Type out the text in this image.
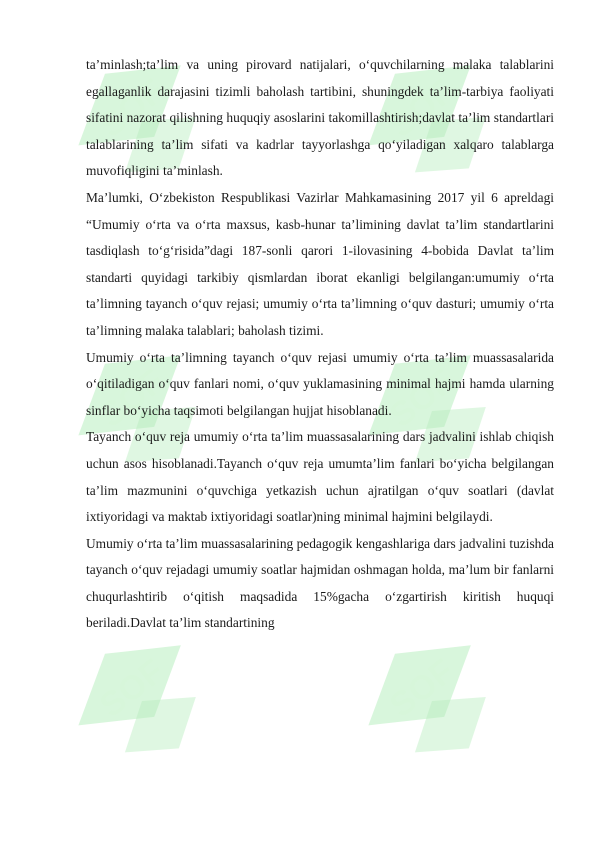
SOF	SOF
SOF	SOF
SOF	SOF

ta’minlash;ta’lim va uning pirovard natijalari, o‘quvchilarning malaka talablarini egallaganlik darajasini tizimli baholash tartibini, shuningdek ta’lim-tarbiya faoliyati sifatini nazorat qilishning huquqiy asoslarini takomillashtirish;davlat ta’lim standartlari talablarining ta’lim sifati va kadrlar tayyorlashga qo‘yiladigan xalqaro talablarga muvofiqligini ta’minlash.

Ma’lumki, O‘zbekiston Respublikasi Vazirlar Mahkamasining 2017 yil 6 apreldagi “Umumiy o‘rta va o‘rta maxsus, kasb-hunar ta’limining davlat ta’lim standartlarini tasdiqlash to‘g‘risida”dagi 187-sonli qarori 1-ilovasining 4-bobida Davlat ta’lim standarti quyidagi tarkibiy qismlardan iborat ekanligi belgilangan:umumiy o‘rta ta’limning tayanch o‘quv rejasi; umumiy o‘rta ta’limning o‘quv dasturi; umumiy o‘rta ta’limning malaka talablari; baholash tizimi.

Umumiy o‘rta ta’limning tayanch o‘quv rejasi umumiy o‘rta ta’lim muassasalarida o‘qitiladigan o‘quv fanlari nomi, o‘quv yuklamasining minimal hajmi hamda ularning sinflar bo‘yicha taqsimoti belgilangan hujjat hisoblanadi.

Tayanch o‘quv reja umumiy o‘rta ta’lim muassasalarining dars jadvalini ishlab chiqish uchun asos hisoblanadi.Tayanch o‘quv reja umumta’lim fanlari bo‘yicha belgilangan ta’lim mazmunini o‘quvchiga yetkazish uchun ajratilgan o‘quv soatlari (davlat ixtiyoridagi va maktab ixtiyoridagi soatlar)ning minimal hajmini belgilaydi.

Umumiy o‘rta ta’lim muassasalarining pedagogik kengashlariga dars jadvalini tuzishda tayanch o‘quv rejadagi umumiy soatlar hajmidan oshmagan holda, ma’lum bir fanlarni chuqurlashtirib o‘qitish maqsadida 15%gacha o‘zgartirish kiritish huquqi beriladi.Davlat ta’lim standartining
